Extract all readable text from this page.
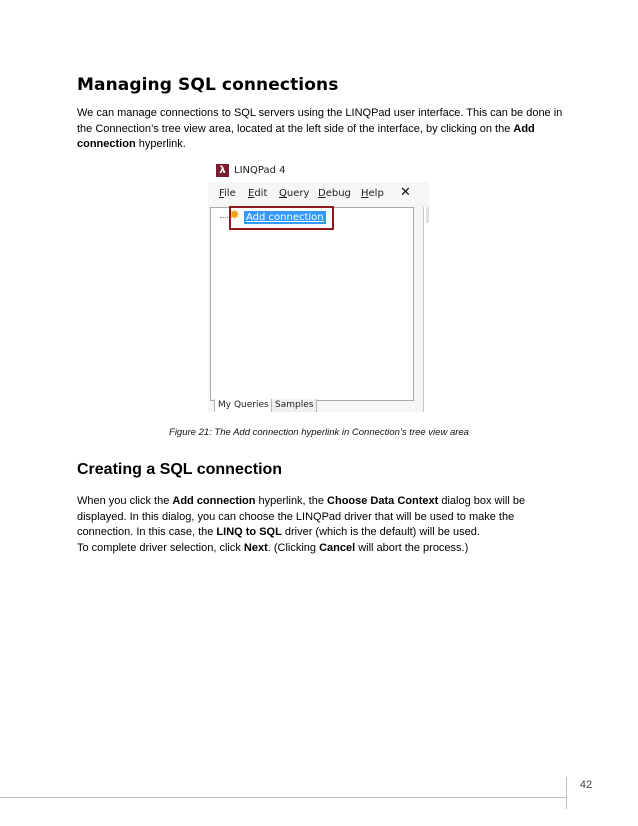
Managing SQL connections

We can manage connections to SQL servers using the LINQPad user interface. This can be done in the Connection’s tree view area, located at the left side of the interface, by clicking on the Add connection hyperlink.

λ LINQPad 4
File Edit Query Debug Help ✕
✸ Add connection
My Queries Samples

Figure 21: The Add connection hyperlink in Connection’s tree view area

Creating a SQL connection

When you click the Add connection hyperlink, the Choose Data Context dialog box will be displayed. In this dialog, you can choose the LINQPad driver that will be used to make the connection. In this case, the LINQ to SQL driver (which is the default) will be used.

To complete driver selection, click Next. (Clicking Cancel will abort the process.)

42
